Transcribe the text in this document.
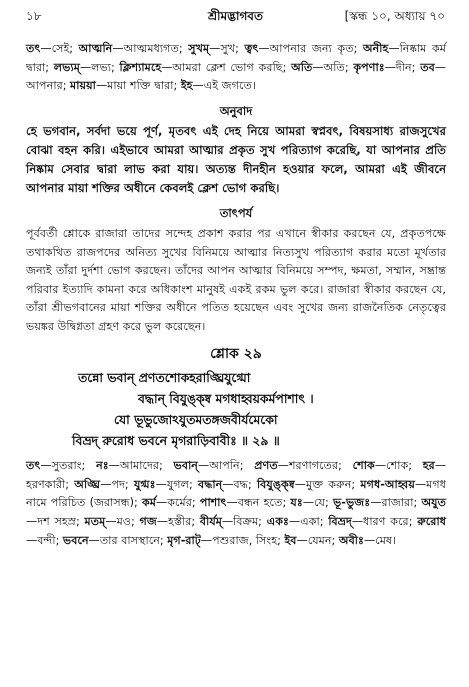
১৮	শ্রীমদ্ভাগবত	[স্কন্ধ ১০, অধ্যায় ৭০

তৎ—সেই; আত্মনি—আত্মমধ্যগত; সুখম্—সুখ; ত্বৎ—আপনার জন্য কৃত; অনীহ—নিষ্কাম কর্ম দ্বারা; লভ্যম্—লভ্য; ক্লিশ্যামহে—আমরা ক্লেশ ভোগ করছি; অতি—অতি; কৃপণাঃ—দীন; তব—আপনার; মায়য়া—মায়া শক্তি দ্বারা; ইহ—এই জগতে।

অনুবাদ

হে ভগবান, সর্বদা ভয়ে পূর্ণ, মৃতবৎ এই দেহ নিয়ে আমরা স্বপ্নবৎ, বিষয়সাধ্য রাজসুখের বোঝা বহন করি। এইভাবে আমরা আত্মার প্রকৃত সুখ পরিত্যাগ করেছি, যা আপনার প্রতি নিষ্কাম সেবার দ্বারা লাভ করা যায়। অত্যন্ত দীনহীন হওয়ার ফলে, আমরা এই জীবনে আপনার মায়া শক্তির অধীনে কেবলই ক্লেশ ভোগ করছি।

তাৎপর্য

পূর্ববর্তী শ্লোকে রাজারা তাদের সন্দেহ প্রকাশ করার পর এখানে স্বীকার করছেন যে, প্রকৃতপক্ষে তথাকথিত রাজপদের অনিত্য সুখের বিনিময়ে আত্মার নিত্যসুখ পরিত্যাগ করার মতো মূর্খতার জন্যই তাঁরা দুর্দশা ভোগ করছেন। তাঁদের আপন আত্মার বিনিময়ে সম্পদ, ক্ষমতা, সম্মান, সম্ভ্রান্ত পরিবার ইত্যাদি কামনা করে অধিকাংশ মানুষই একই রকম ভুল করে। রাজারা স্বীকার করছেন যে, তাঁরা শ্রীভগবানের মায়া শক্তির অধীনে পতিত হয়েছেন এবং সুখের জন্য রাজনৈতিক নেতৃত্বের ভয়ঙ্কর উদ্বিগ্নতা গ্রহণ করে ভুল করেছেন।

শ্লোক ২৯
তন্নো ভবান্ প্রণতশোকহরাঙ্ঘ্রিযুগ্মো
বদ্ধান্ বিযুঙ্‌ক্ষ্ব মগধাহ্বয়কর্মপাশাৎ ।
যো ভূভুজোঽযুতমতঙ্গজবীর্যমেকো
বিভ্রদ্ রুরোধ ভবনে মৃগরাড়িবাবীঃ ॥ ২৯ ॥

তৎ—সুতরাং; নঃ—আমাদের; ভবান্—আপনি; প্রণত—শরণাগতের; শোক—শোক; হর—হরণকারী; অঙ্ঘ্রি—পদ; যুগ্মঃ—যুগল; বদ্ধান্—বদ্ধ; বিযুঙ্‌ক্ষ্ব—মুক্ত করুন; মগধ-আহ্বয়—মগধ নামে পরিচিত (জরাসন্ধ); কর্ম—কর্মের; পাশাৎ—বন্ধন হতে; যঃ—যে; ভূ-ভুজঃ—রাজারা; অযুত—দশ সহস্র; মতম্—মও; গজ—হস্তীর; বীর্যম্—বিক্রম; একঃ—একা; বিভ্রদ্—ধারণ করে; রুরোধ—বন্দী; ভবনে—তার বাসস্থানে; মৃগ-রাট্—পশুরাজ, সিংহ; ইব—যেমন; অবীঃ—মেষ।
